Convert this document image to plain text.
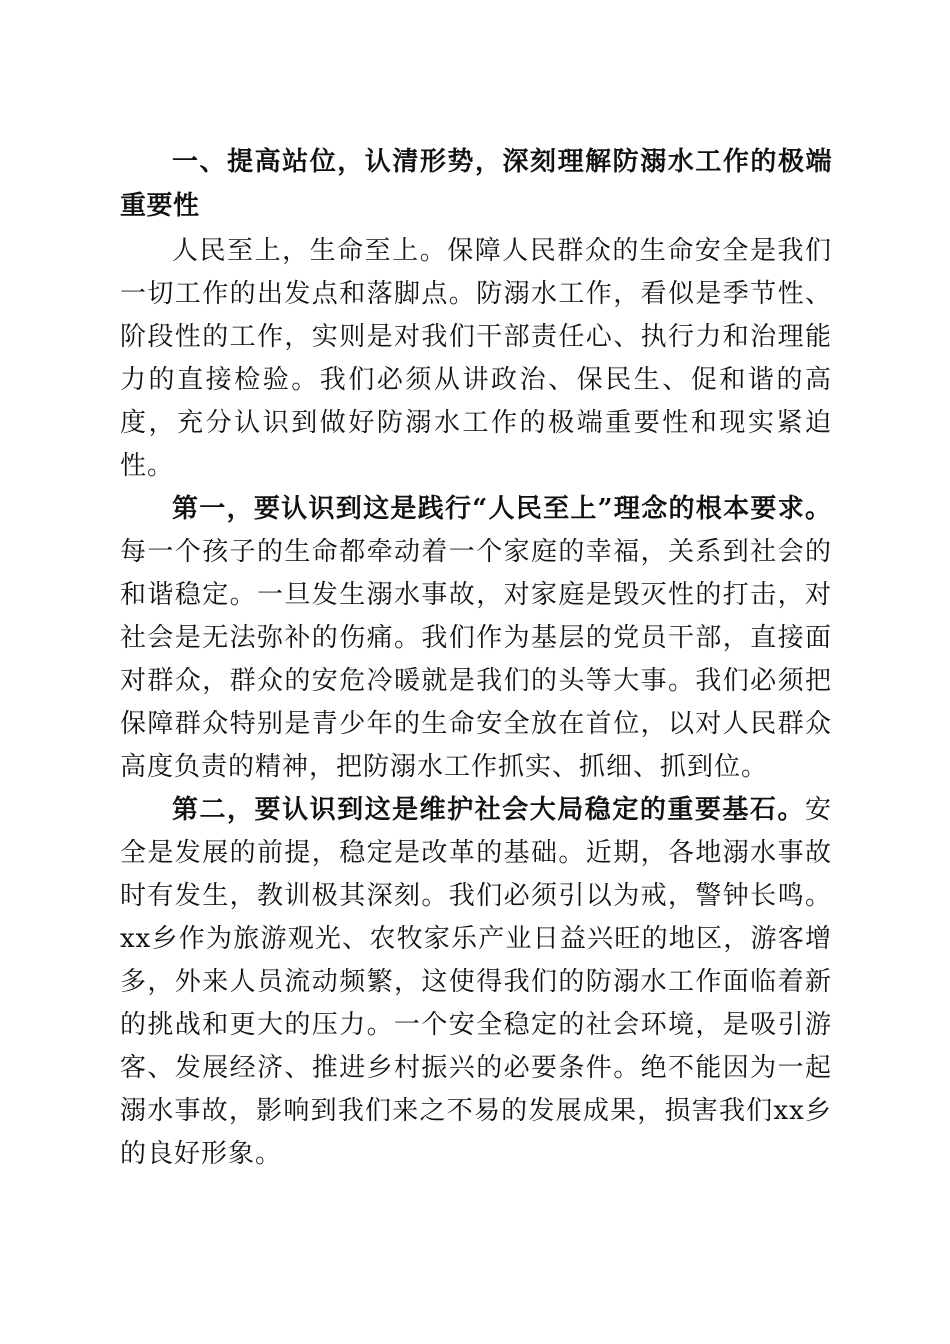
一、提高站位，认清形势，深刻理解防溺水工作的极端重要性

人民至上，生命至上。保障人民群众的生命安全是我们一切工作的出发点和落脚点。防溺水工作，看似是季节性、阶段性的工作，实则是对我们干部责任心、执行力和治理能力的直接检验。我们必须从讲政治、保民生、促和谐的高度，充分认识到做好防溺水工作的极端重要性和现实紧迫性。

第一，要认识到这是践行“人民至上”理念的根本要求。每一个孩子的生命都牵动着一个家庭的幸福，关系到社会的和谐稳定。一旦发生溺水事故，对家庭是毁灭性的打击，对社会是无法弥补的伤痛。我们作为基层的党员干部，直接面对群众，群众的安危冷暖就是我们的头等大事。我们必须把保障群众特别是青少年的生命安全放在首位，以对人民群众高度负责的精神，把防溺水工作抓实、抓细、抓到位。

第二，要认识到这是维护社会大局稳定的重要基石。安全是发展的前提，稳定是改革的基础。近期，各地溺水事故时有发生，教训极其深刻。我们必须引以为戒，警钟长鸣。xx乡作为旅游观光、农牧家乐产业日益兴旺的地区，游客增多，外来人员流动频繁，这使得我们的防溺水工作面临着新的挑战和更大的压力。一个安全稳定的社会环境，是吸引游客、发展经济、推进乡村振兴的必要条件。绝不能因为一起溺水事故，影响到我们来之不易的发展成果，损害我们xx乡的良好形象。
